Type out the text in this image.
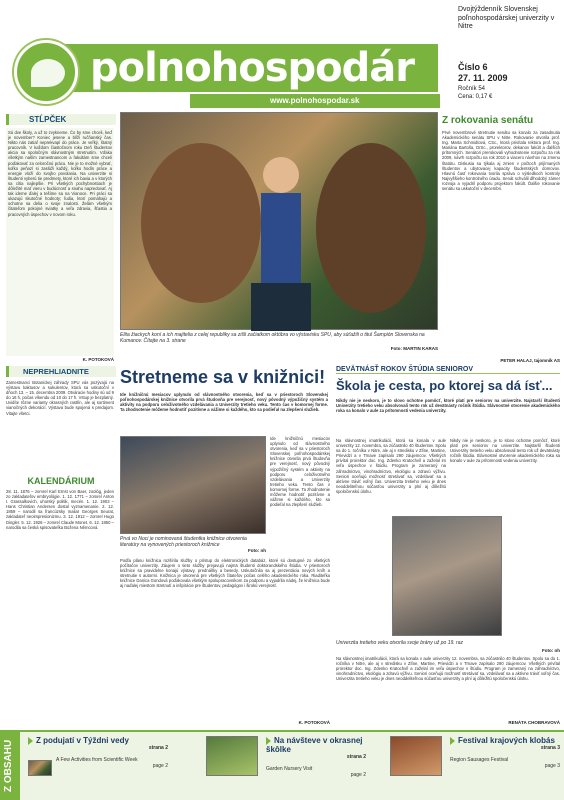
polnohospodár
www.polnohospodar.sk
Dvojtýždenník Slovenskej poľnohospodárskej univerzity v Nitre
Číslo 6
27. 11. 2009
Ročník 54
Cena: 0,17 €
STĹPČEK
Sú dve školy, a už to zvykneme. Čo by sme chceli, keď je november? Koniec jesene a blíži ručňanský čas. Nikto nás zatiaľ neprekvapí do práce. Je veľký, štatný pracovník. V každom čiastočnom roku Deň študentov akcia sa spoločným slávnostným stretnutím. Vďaka všetkým naším zamestnancom a fakultám sme chceli poďakovať za celoročnú prácu. Nie je to možné vybrať, koľko peňazí si zaslúži každý, koľko hodín práce a energie vloží do svojho povolania. Na univerzite si študenti vyberú tie predmety, ktoré ich bavia a v ktorých sa cítia najlepšie. Pri všetkých pochybnostiach je dôležité mať vieru v budúcnosť a snahu napredovať. Aj tak ideme ďalej a tešíme sa na Vianoce. Pri práci sa ukazujú skutočné hodnoty; ľudia, ktorí pomáhajú a ochotne sa delia o svoje znalosti. Želám všetkým čitateľom pokojné sviatky a veľa zdravia, šťastia a pracovných úspechov v novom roku.
K. POTOKOVÁ
NEPREHLIADNITE
Zamestnanci Botanickej záhrady SPU vás pozývajú na výstavu kaktusov a sukulentov, ktorá sa uskutoční v dňoch 13. – 15. decembra 2009. Otváracie hodiny sú od 9 do 16 h, počas víkendu od 10 do 17 h. Vstup je bezplatný. Uvidíte rôzne varianty okrasných rastlín, ale aj sortiment vianočných dekorácií. Výstava bude spojená s predajom. Vitajte všetci.
KALENDÁRIUM
28. 11. 1876 – zomrel Karl Ernst von Baer, zoológ, jeden zo zakladateľov embryológie. 1. 12. 1771 – zomrel Anton I. Grassalkovich, uhorský politik, mecén. 1. 12. 1903 – Hans Christian Andersen dostal vyznamenanie. 2. 12. 1859 – narodil sa francúzsky maliar Georges Seurat, zakladateľ neoimpresionizmu. 3. 12. 1912 – zomrel Hugo Dingler. 5. 12. 1926 – zomrel Claude Monet. 6. 12. 1850 – narodila sa česká spisovateľka Božena Němcová.
Elita žiackych koní a ich majitelia z celej republiky sa zišli začiatkom októbra vo výstavisku SPU, aby súťažili o titul Šampión Slovenska na Kumanov. Čítajte na 3. strane
Foto: MARTIN KARAS
Z rokovania senátu
Prvé novembrové stretnutie senátu sa konalo za zasadnutia Akademického senátu SPU v Nitre. Rokovanie otvorila prof. Ing. Marta Schmidtová, CSc., ktorá privítala rektora prof. Ing. Mariána Bartoša, DrSc., prorektorov, dekanov fakúlt a ďalších prítomných. Senátori prerokovali vyhodnotenie rozpočtu za rok 2009, návrh rozpočtu na rok 2010 a viacero návrhov na zmenu štatútu. Diskusia sa týkala aj zmien v počtoch prijímaných študentov a ubytovacej kapacity študentských domovov. Hlavnú časť rokovania tvorila správa o výsledkoch kontroly Najvyššieho kontrolného úradu. Senát schválil dlhodobý zámer rozvoja a vyjadril podporu projektom fakúlt. Ďalšie rokovanie senátu sa uskutoční v decembri.
PETER HALAJ, tajomník AS
Stretneme sa v knižnici!
Ide knižničnú mesiacov uplynulo od slávnostného otvorenia, keď sa v priestoroch Slovenskej poľnohospodárskej knižnice otvorila prvá študovňa pre verejnosť, nový pôvodný výpožičný systém a aktivity na podporu celoživotného vzdelávania a Univerzity tretieho veku. Tento čas v komornej forme. Ta zhodnotenie môžeme hodnotiť pozitívne a vážime si každého, kto sa podieľal na zlepšení služieb.
Prvá vo Noci je nominovaná študentka knižnice otvorenia literatúry na vynovených priestoroch knižnice
Foto: nh
Ide knižničnú mesiacov uplynulo od slávnostného otvorenia, keď sa v priestoroch Slovenskej poľnohospodárskej knižnice otvorila prvá študovňa pre verejnosť, nový pôvodný výpožičný systém a aktivity na podporu celoživotného vzdelávania a Univerzity tretieho veku. Tento čas v komornej forme. Ta zhodnotenie môžeme hodnotiť pozitívne a vážime si každého, kto sa podieľal na zlepšení služieb.
Podľa plánu knižnica rozšírila služby o prístup do elektronických databáz, ktoré sú dostupné zo všetkých počítačov univerzity. Záujem o tieto služby prejavujú najmä študenti doktorandského štúdia. V priestoroch knižnice sa pravidelne konajú výstavy, prednášky a besedy. Uskutočnila sa aj prezentácia nových kníh a stretnutie s autormi. Knižnica je otvorená pre všetkých čitateľov počas celého akademického roka. Riaditeľka knižnice Danica Gondová poďakovala všetkým spolupracovníkom za podporu a vyjadrila nádej, že knižnica bude aj naďalej miestom stretnutí a inšpirácie pre študentov, pedagógov i širokú verejnosť.
K. POTOKOVÁ
DEVÄTNÁSŤ ROKOV ŠTÚDIA SENIOROV
Škola je cesta, po ktorej sa dá ísť...
Nikdy nie je neskoro, je to slovo ochotne pomôcť, ktoré platí pre seniorov na univerzite. Najstarší študenti Univerzity tretieho veku absolvovali tento rok už devätnásty ročník štúdia. Slávnostné otvorenie akademického roka sa konalo v aule za prítomnosti vedenia univerzity.
Na slávnostnej imatrikulácii, ktorá sa konala v aule univerzity 12. novembra, sa zúčastnilo 40 študentov. Spolu sa do 1. ročníka v Nitre, ale aj v stredisku v Zlíne, Martine, Prievidzi a v Trnave zapísalo 290 záujemcov. Všetkých privítal prorektor doc. Ing. Zdenko Kratochvíl a zaželal im veľa úspechov v štúdiu. Program je zameraný na záhradníctvo, vinohradníctvo, ekológiu a zdravú výživu. Seniori oceňujú možnosť stretávať sa, vzdelávať sa a aktívne tráviť voľný čas. Univerzita tretieho veku je dnes neoddeliteľnou súčasťou univerzity a plní aj dôležitú spoločenskú úlohu.
Nikdy nie je neskoro, je to slovo ochotne pomôcť, ktoré platí pre seniorov na univerzite. Najstarší študenti Univerzity tretieho veku absolvovali tento rok už devätnásty ročník štúdia. Slávnostné otvorenie akademického roka sa konalo v aule za prítomnosti vedenia univerzity.
Univerzita tretieho veku otvorila svoje brány už po 19. raz
Foto: nh
Na slávnostnej imatrikulácii, ktorá sa konala v aule univerzity 12. novembra, sa zúčastnilo 40 študentov. Spolu sa do 1. ročníka v Nitre, ale aj v stredisku v Zlíne, Martine, Prievidzi a v Trnave zapísalo 290 záujemcov. Všetkých privítal prorektor doc. Ing. Zdenko Kratochvíl a zaželal im veľa úspechov v štúdiu. Program je zameraný na záhradníctvo, vinohradníctvo, ekológiu a zdravú výživu. Seniori oceňujú možnosť stretávať sa, vzdelávať sa a aktívne tráviť voľný čas. Univerzita tretieho veku je dnes neoddeliteľnou súčasťou univerzity a plní aj dôležitú spoločenskú úlohu.
RENÁTA CHOBRAVOVÁ
Z OBSAHU	Z podujatí v Týždni vedy
strana 2
A Few Activities from Scientific Week
page 2
Na návšteve v okrasnej škôlke
strana 2
Garden Nursery Visit
page 2
Festival krajových klobás
strana 3
Region Sausages Festival
page 3
